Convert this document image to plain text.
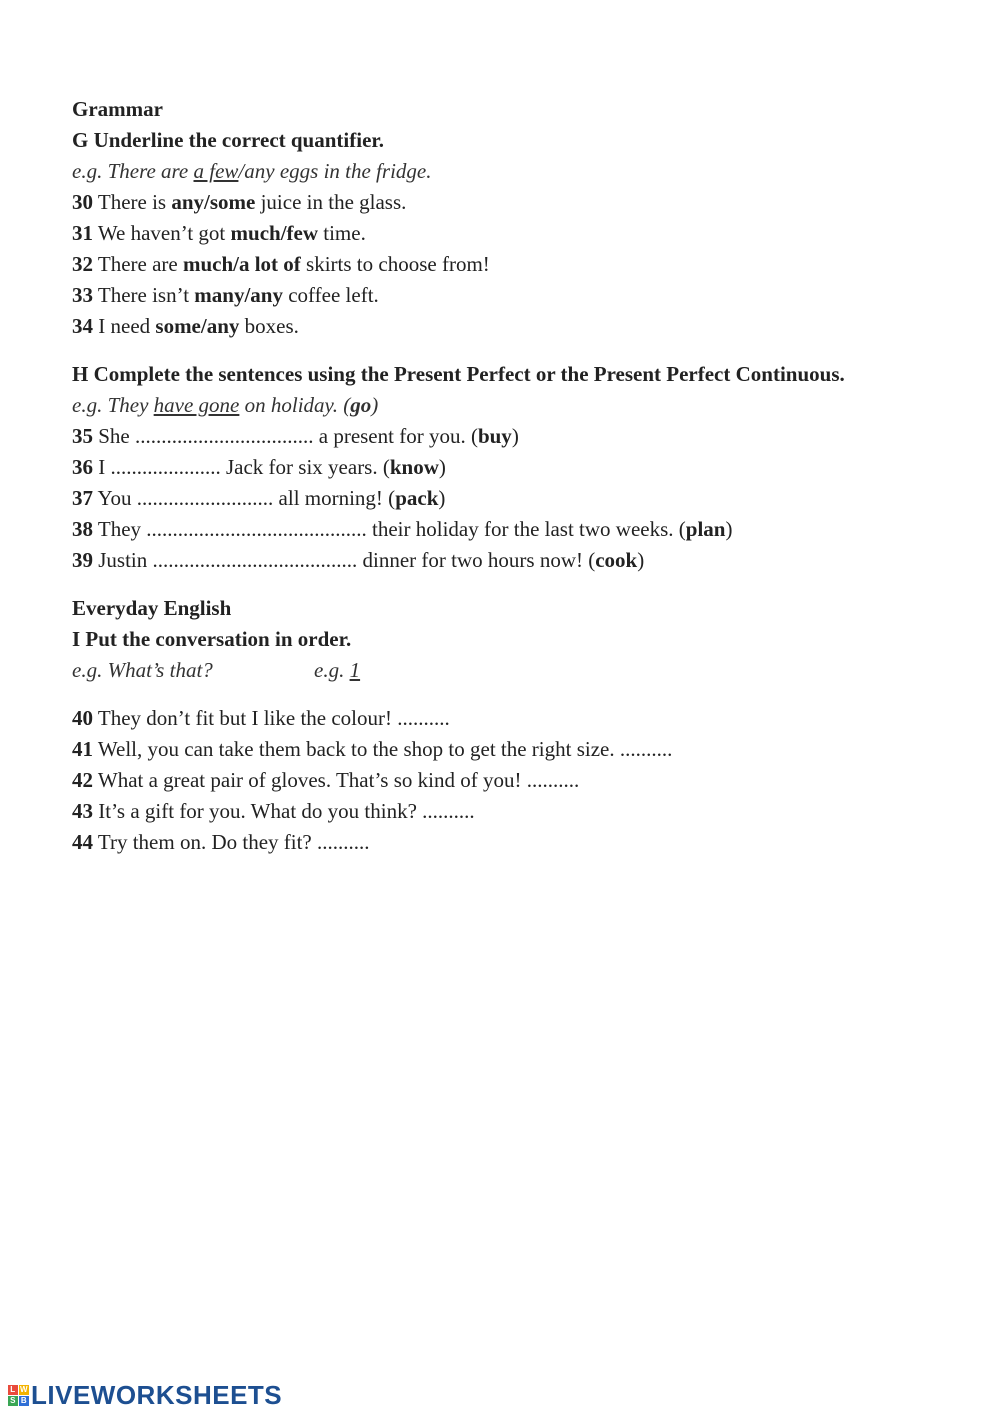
Grammar
G Underline the correct quantifier.
e.g. There are a few/any eggs in the fridge.
30 There is any/some juice in the glass.
31 We haven’t got much/few time.
32 There are much/a lot of skirts to choose from!
33 There isn’t many/any coffee left.
34 I need some/any boxes.
H Complete the sentences using the Present Perfect or the Present Perfect Continuous.
e.g. They have gone on holiday. (go)
35 She .................................. a present for you. (buy)
36 I ..................... Jack for six years. (know)
37 You .......................... all morning! (pack)
38 They .......................................... their holiday for the last two weeks. (plan)
39 Justin ....................................... dinner for two hours now! (cook)
Everyday English
I Put the conversation in order.
e.g. What’s that?	e.g. 1
40 They don’t fit but I like the colour! ..........
41 Well, you can take them back to the shop to get the right size. ..........
42 What a great pair of gloves. That’s so kind of you! ..........
43 It’s a gift for you. What do you think? ..........
44 Try them on. Do they fit? ..........
L W
S B LIVEWORKSHEETS
